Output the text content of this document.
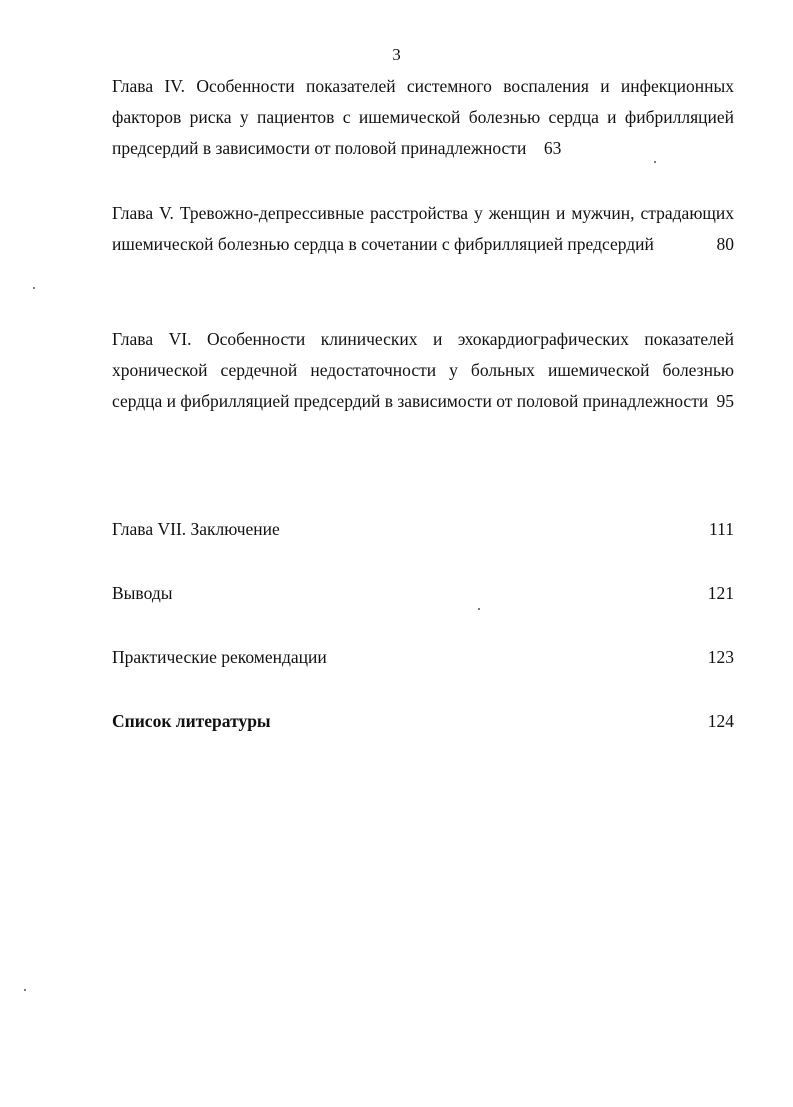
3
Глава IV. Особенности показателей системного воспаления и инфекционных факторов риска у пациентов с ишемической болезнью сердца и фибрилляцией предсердий в зависимости от половой принадлежности 63
Глава V. Тревожно-депрессивные расстройства у женщин и мужчин, страдающих ишемической болезнью сердца в сочетании с фибрилляцией предсердий	80
Глава VI. Особенности клинических и эхокардиографических показателей хронической сердечной недостаточности у больных ишемической болезнью сердца и фибрилляцией предсердий в зависимости от половой принадлежности 95
Глава VII. Заключение	111
Выводы	121
Практические рекомендации	123
Список литературы	124
